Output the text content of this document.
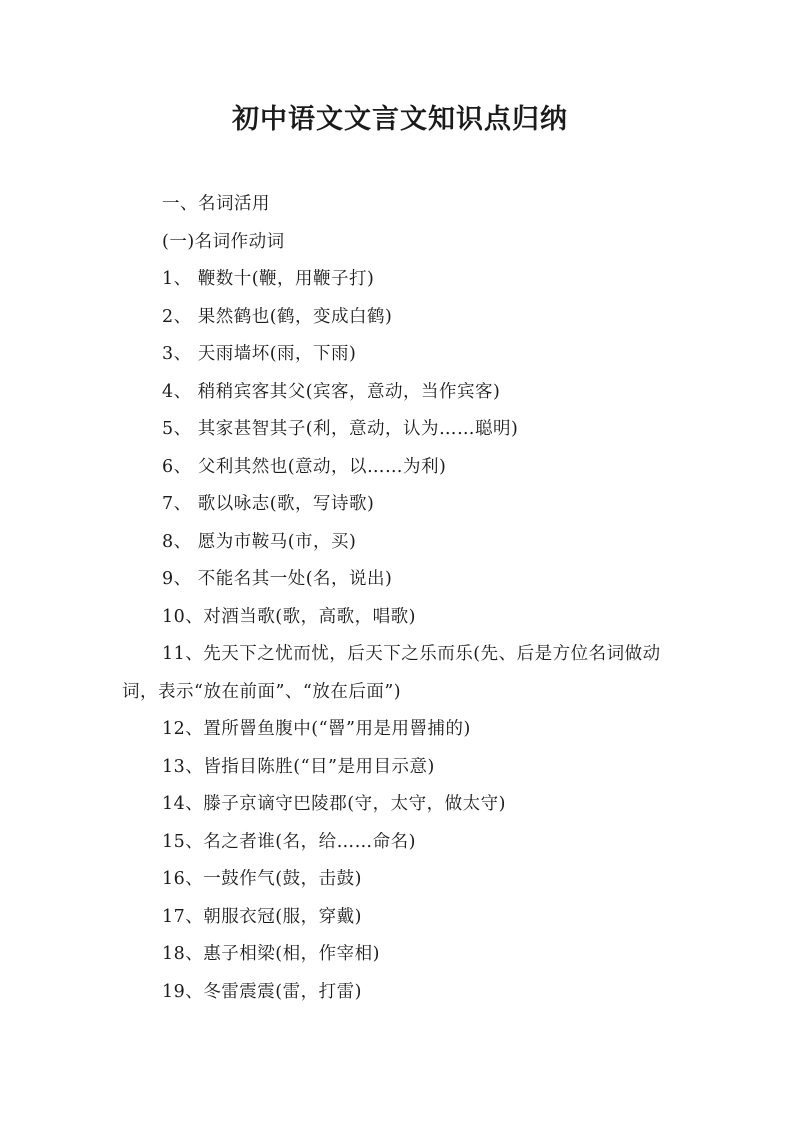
初中语文文言文知识点归纳
一、名词活用
(一)名词作动词
1、 鞭数十(鞭，用鞭子打)
2、 果然鹤也(鹤，变成白鹤)
3、 天雨墙坏(雨，下雨)
4、 稍稍宾客其父(宾客，意动，当作宾客)
5、 其家甚智其子(利，意动，认为……聪明)
6、 父利其然也(意动，以……为利)
7、 歌以咏志(歌，写诗歌)
8、 愿为市鞍马(市，买)
9、 不能名其一处(名，说出)
10、对酒当歌(歌，高歌，唱歌)
11、先天下之忧而忧，后天下之乐而乐(先、后是方位名词做动词，表示“放在前面”、“放在后面”)
12、置所罾鱼腹中(“罾”用是用罾捕的)
13、皆指目陈胜(“目”是用目示意)
14、滕子京谪守巴陵郡(守，太守，做太守)
15、名之者谁(名，给……命名)
16、一鼓作气(鼓，击鼓)
17、朝服衣冠(服，穿戴)
18、惠子相梁(相，作宰相)
19、冬雷震震(雷，打雷)
